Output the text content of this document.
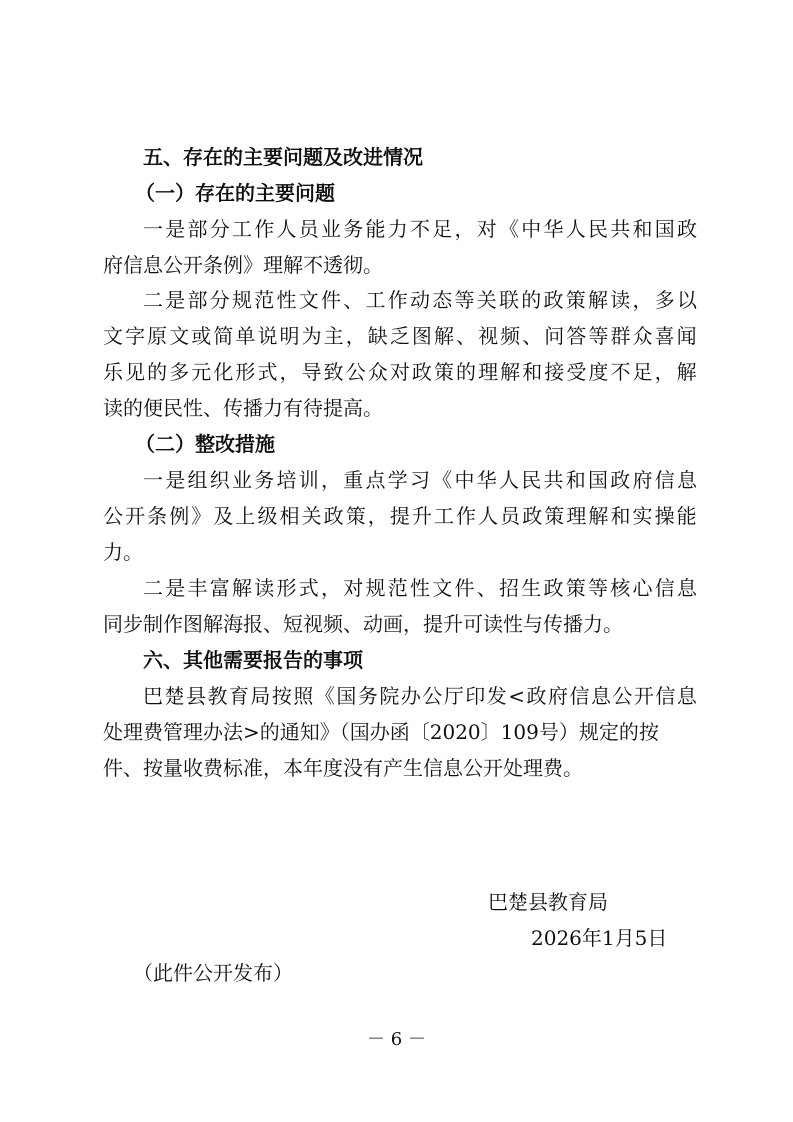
五、存在的主要问题及改进情况
（一）存在的主要问题
一 是 部 分 工 作 人 员 业 务 能 力 不 足 ， 对 《 中 华 人 民 共 和 国 政
府信息公开条例》理解不透彻。
二 是 部 分 规 范 性 文 件 、 工 作 动 态 等 关 联 的 政 策 解 读 ， 多 以
文 字 原 文 或 简 单 说 明 为 主 ， 缺 乏 图 解 、 视 频 、 问 答 等 群 众 喜 闻
乐 见 的 多 元 化 形 式 ， 导 致 公 众 对 政 策 的 理 解 和 接 受 度 不 足 ， 解
读的便民性、传播力有待提高。
（二）整改措施
一 是 组 织 业 务 培 训 ， 重 点 学 习 《 中 华 人 民 共 和 国 政 府 信 息
公 开 条 例 》 及 上 级 相 关 政 策 ， 提 升 工 作 人 员 政 策 理 解 和 实 操 能
力。
二 是 丰 富 解 读 形 式 ， 对 规 范 性 文 件 、 招 生 政 策 等 核 心 信 息
同步制作图解海报、短视频、动画，提升可读性与传播力。
六、其他需要报告的事项
巴 楚 县 教 育 局 按 照 《 国 务 院 办 公 厅 印 发 < 政 府 信 息 公 开 信 息
处理费管理办法>的通知》（国办函〔2020〕109号）规定的按
件、按量收费标准，本年度没有产生信息公开处理费。
巴楚县教育局
2026年1月5日
（此件公开发布）
－ 6 －
